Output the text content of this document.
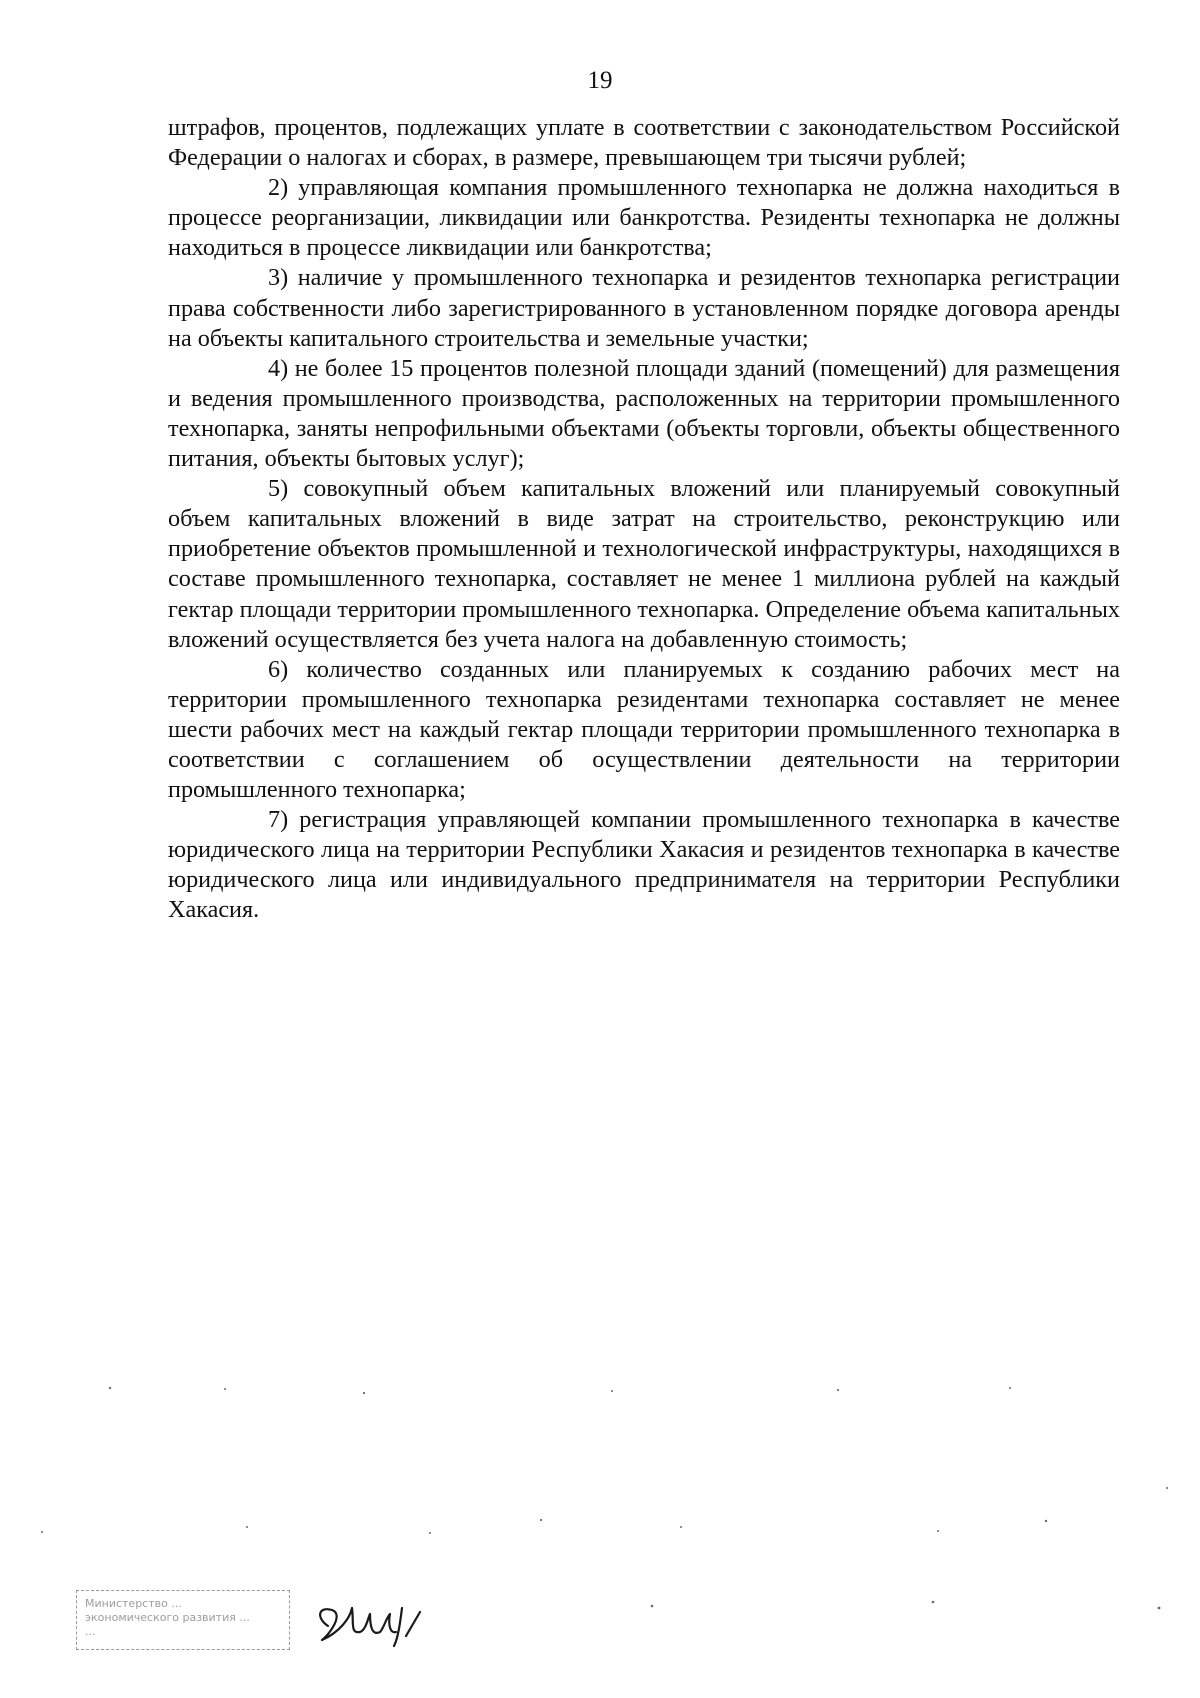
19

штрафов, процентов, подлежащих уплате в соответствии с законодательством Российской Федерации о налогах и сборах, в размере, превышающем три тысячи рублей;

2) управляющая компания промышленного технопарка не должна находиться в процессе реорганизации, ликвидации или банкротства. Резиденты технопарка не должны находиться в процессе ликвидации или банкротства;

3) наличие у промышленного технопарка и резидентов технопарка регистрации права собственности либо зарегистрированного в установленном порядке договора аренды на объекты капитального строительства и земельные участки;

4) не более 15 процентов полезной площади зданий (помещений) для размещения и ведения промышленного производства, расположенных на территории промышленного технопарка, заняты непрофильными объектами (объекты торговли, объекты общественного питания, объекты бытовых услуг);

5) совокупный объем капитальных вложений или планируемый совокупный объем капитальных вложений в виде затрат на строительство, реконструкцию или приобретение объектов промышленной и технологической инфраструктуры, находящихся в составе промышленного технопарка, составляет не менее 1 миллиона рублей на каждый гектар площади территории промышленного технопарка. Определение объема капитальных вложений осуществляется без учета налога на добавленную стоимость;

6) количество созданных или планируемых к созданию рабочих мест на территории промышленного технопарка резидентами технопарка составляет не менее шести рабочих мест на каждый гектар площади территории промышленного технопарка в соответствии с соглашением об осуществлении деятельности на территории промышленного технопарка;

7) регистрация управляющей компании промышленного технопарка в качестве юридического лица на территории Республики Хакасия и резидентов технопарка в качестве юридического лица или индивидуального предпринимателя на территории Республики Хакасия.

Министерство ...
экономического развития ...
...
